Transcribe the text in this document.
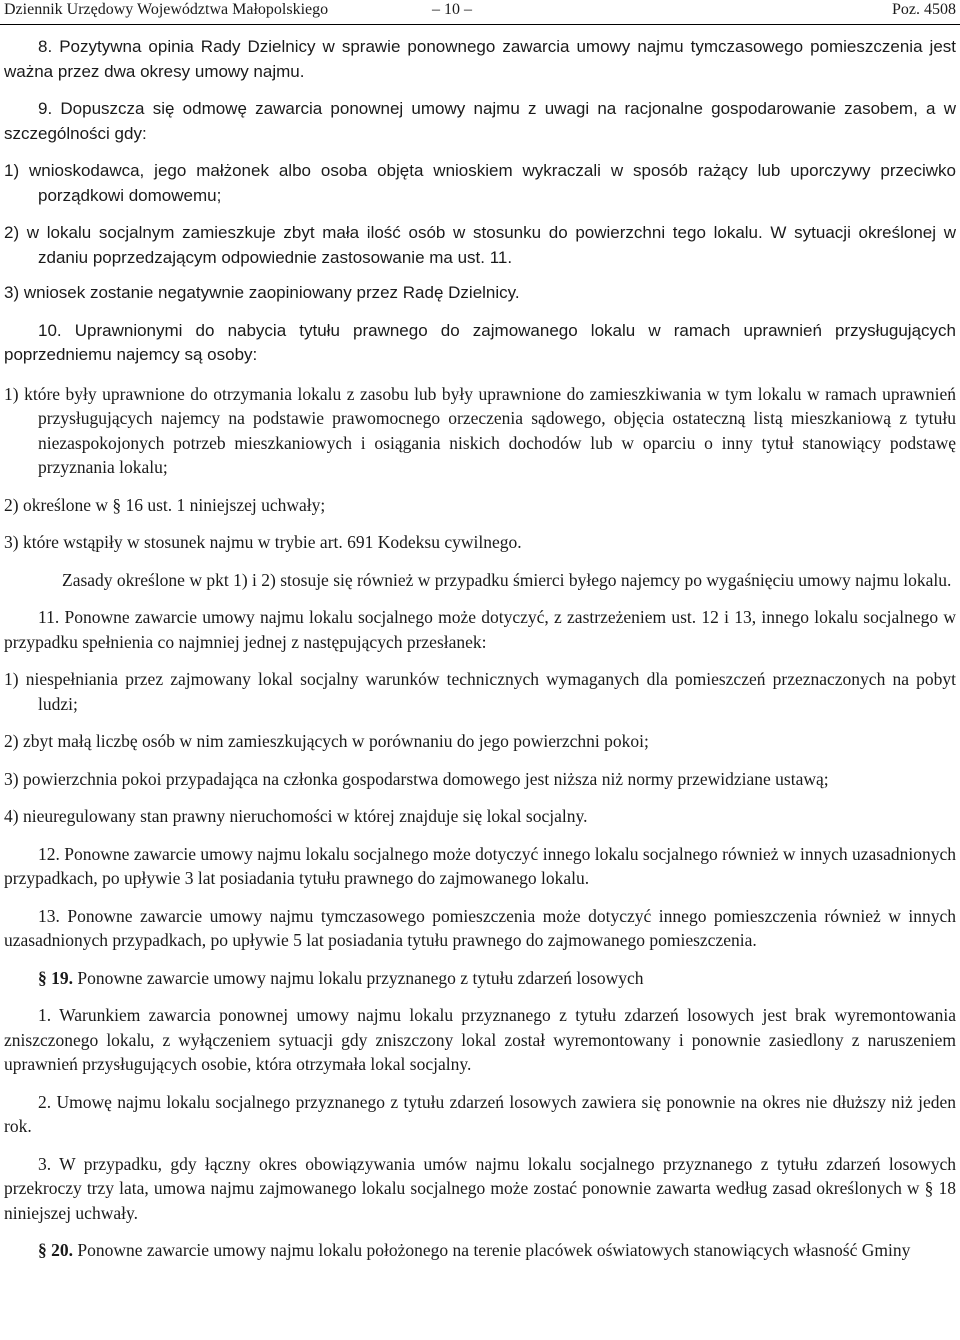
Dziennik Urzędowy Województwa Małopolskiego	– 10 –	Poz. 4508

8. Pozytywna opinia Rady Dzielnicy w sprawie ponownego zawarcia umowy najmu tymczasowego pomieszczenia jest ważna przez dwa okresy umowy najmu.

9. Dopuszcza się odmowę zawarcia ponownej umowy najmu z uwagi na racjonalne gospodarowanie zasobem, a w szczególności gdy:

1) wnioskodawca, jego małżonek albo osoba objęta wnioskiem wykraczali w sposób rażący lub uporczywy przeciwko porządkowi domowemu;

2) w lokalu socjalnym zamieszkuje zbyt mała ilość osób w stosunku do powierzchni tego lokalu. W sytuacji określonej w zdaniu poprzedzającym odpowiednie zastosowanie ma ust. 11.

3) wniosek zostanie negatywnie zaopiniowany przez Radę Dzielnicy.

10. Uprawnionymi do nabycia tytułu prawnego do zajmowanego lokalu w ramach uprawnień przysługujących poprzedniemu najemcy są osoby:

1) które były uprawnione do otrzymania lokalu z zasobu lub były uprawnione do zamieszkiwania w tym lokalu w ramach uprawnień przysługujących najemcy na podstawie prawomocnego orzeczenia sądowego, objęcia ostateczną listą mieszkaniową z tytułu niezaspokojonych potrzeb mieszkaniowych i osiągania niskich dochodów lub w oparciu o inny tytuł stanowiący podstawę przyznania lokalu;

2) określone w § 16 ust. 1 niniejszej uchwały;

3) które wstąpiły w stosunek najmu w trybie art. 691 Kodeksu cywilnego.

Zasady określone w pkt 1) i 2) stosuje się również w przypadku śmierci byłego najemcy po wygaśnięciu umowy najmu lokalu.

11. Ponowne zawarcie umowy najmu lokalu socjalnego może dotyczyć, z zastrzeżeniem ust. 12 i 13, innego lokalu socjalnego w przypadku spełnienia co najmniej jednej z następujących przesłanek:

1) niespełniania przez zajmowany lokal socjalny warunków technicznych wymaganych dla pomieszczeń przeznaczonych na pobyt ludzi;

2) zbyt małą liczbę osób w nim zamieszkujących w porównaniu do jego powierzchni pokoi;

3) powierzchnia pokoi przypadająca na członka gospodarstwa domowego jest niższa niż normy przewidziane ustawą;

4) nieuregulowany stan prawny nieruchomości w której znajduje się lokal socjalny.

12. Ponowne zawarcie umowy najmu lokalu socjalnego może dotyczyć innego lokalu socjalnego również w innych uzasadnionych przypadkach, po upływie 3 lat posiadania tytułu prawnego do zajmowanego lokalu.

13. Ponowne zawarcie umowy najmu tymczasowego pomieszczenia może dotyczyć innego pomieszczenia również w innych uzasadnionych przypadkach, po upływie 5 lat posiadania tytułu prawnego do zajmowanego pomieszczenia.

§ 19. Ponowne zawarcie umowy najmu lokalu przyznanego z tytułu zdarzeń losowych

1. Warunkiem zawarcia ponownej umowy najmu lokalu przyznanego z tytułu zdarzeń losowych jest brak wyremontowania zniszczonego lokalu, z wyłączeniem sytuacji gdy zniszczony lokal został wyremontowany i ponownie zasiedlony z naruszeniem uprawnień przysługujących osobie, która otrzymała lokal socjalny.

2. Umowę najmu lokalu socjalnego przyznanego z tytułu zdarzeń losowych zawiera się ponownie na okres nie dłuższy niż jeden rok.

3. W przypadku, gdy łączny okres obowiązywania umów najmu lokalu socjalnego przyznanego z tytułu zdarzeń losowych przekroczy trzy lata, umowa najmu zajmowanego lokalu socjalnego może zostać ponownie zawarta według zasad określonych w § 18 niniejszej uchwały.

§ 20. Ponowne zawarcie umowy najmu lokalu położonego na terenie placówek oświatowych stanowiących własność Gminy
